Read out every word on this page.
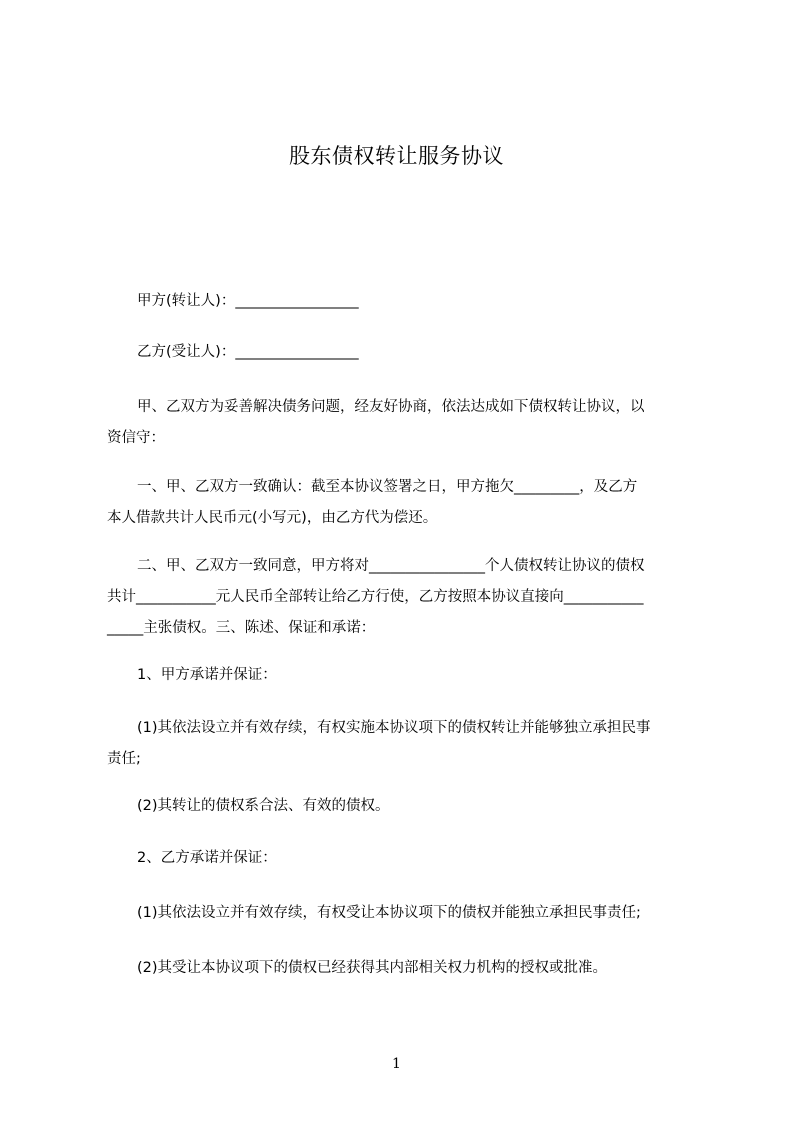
股东债权转让服务协议
甲方(转让人)：_________________
乙方(受让人)：_________________
甲、乙双方为妥善解决债务问题，经友好协商，依法达成如下债权转让协议，以
资信守：
一、甲、乙双方一致确认：截至本协议签署之日，甲方拖欠_________，及乙方
本人借款共计人民币元(小写元)，由乙方代为偿还。
二、甲、乙双方一致同意，甲方将对________________个人债权转让协议的债权
共计___________元人民币全部转让给乙方行使，乙方按照本协议直接向___________
_____主张债权。三、陈述、保证和承诺：
1、甲方承诺并保证：
(1)其依法设立并有效存续，有权实施本协议项下的债权转让并能够独立承担民事
责任;
(2)其转让的债权系合法、有效的债权。
2、乙方承诺并保证：
(1)其依法设立并有效存续，有权受让本协议项下的债权并能独立承担民事责任;
(2)其受让本协议项下的债权已经获得其内部相关权力机构的授权或批准。
1
